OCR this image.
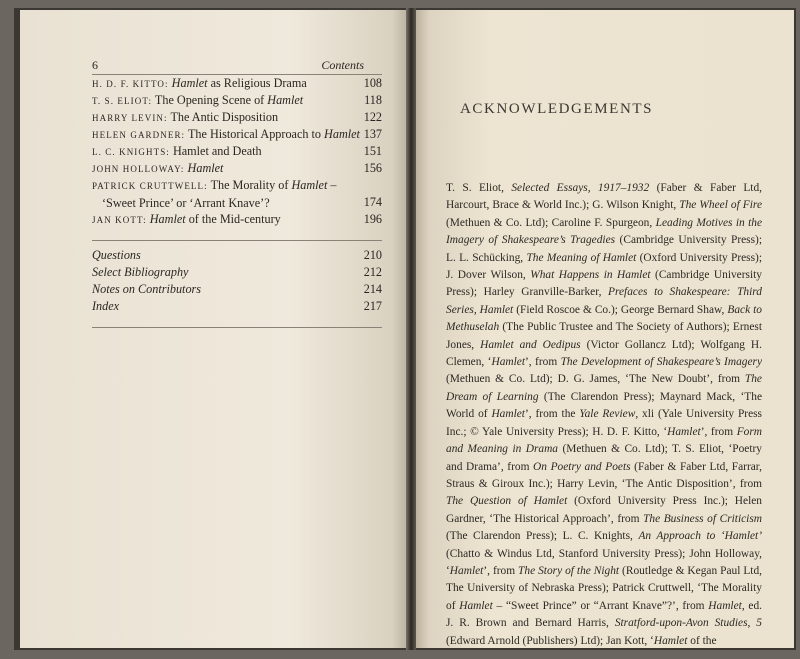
6	Contents
H. D. F. KITTO: Hamlet as Religious Drama	108
T. S. ELIOT: The Opening Scene of Hamlet	118
HARRY LEVIN: The Antic Disposition	122
HELEN GARDNER: The Historical Approach to Hamlet 137
L. C. KNIGHTS: Hamlet and Death	151
JOHN HOLLOWAY: Hamlet	156
PATRICK CRUTTWELL: The Morality of Hamlet –
‘Sweet Prince’ or ‘Arrant Knave’?	174
JAN KOTT: Hamlet of the Mid-century	196
Questions	210
Select Bibliography	212
Notes on Contributors	214
Index	217
ACKNOWLEDGEMENTS
T. S. Eliot, Selected Essays, 1917–1932 (Faber & Faber Ltd, Harcourt, Brace & World Inc.); G. Wilson Knight, The Wheel of Fire (Methuen & Co. Ltd); Caroline F. Spurgeon, Leading Motives in the Imagery of Shakespeare’s Tragedies (Cambridge University Press); L. L. Schücking, The Meaning of Hamlet (Oxford University Press); J. Dover Wilson, What Happens in Hamlet (Cambridge University Press); Harley Granville-Barker, Prefaces to Shakespeare: Third Series, Hamlet (Field Roscoe & Co.); George Bernard Shaw, Back to Methuselah (The Public Trustee and The Society of Authors); Ernest Jones, Hamlet and Oedipus (Victor Gollancz Ltd); Wolfgang H. Clemen, ‘Hamlet’, from The Development of Shakespeare’s Imagery (Methuen & Co. Ltd); D. G. James, ‘The New Doubt’, from The Dream of Learning (The Clarendon Press); Maynard Mack, ‘The World of Hamlet’, from the Yale Review, xli (Yale University Press Inc.; © Yale University Press); H. D. F. Kitto, ‘Hamlet’, from Form and Meaning in Drama (Methuen & Co. Ltd); T. S. Eliot, ‘Poetry and Drama’, from On Poetry and Poets (Faber & Faber Ltd, Farrar, Straus & Giroux Inc.); Harry Levin, ‘The Antic Disposition’, from The Question of Hamlet (Oxford University Press Inc.); Helen Gardner, ‘The Historical Approach’, from The Business of Criticism (The Clarendon Press); L. C. Knights, An Approach to ‘Hamlet’ (Chatto & Windus Ltd, Stanford University Press); John Holloway, ‘Hamlet’, from The Story of the Night (Routledge & Kegan Paul Ltd, The University of Nebraska Press); Patrick Cruttwell, ‘The Morality of Hamlet – “Sweet Prince” or “Arrant Knave”?’, from Hamlet, ed. J. R. Brown and Bernard Harris, Stratford-upon-Avon Studies, 5 (Edward Arnold (Publishers) Ltd); Jan Kott, ‘Hamlet of the
